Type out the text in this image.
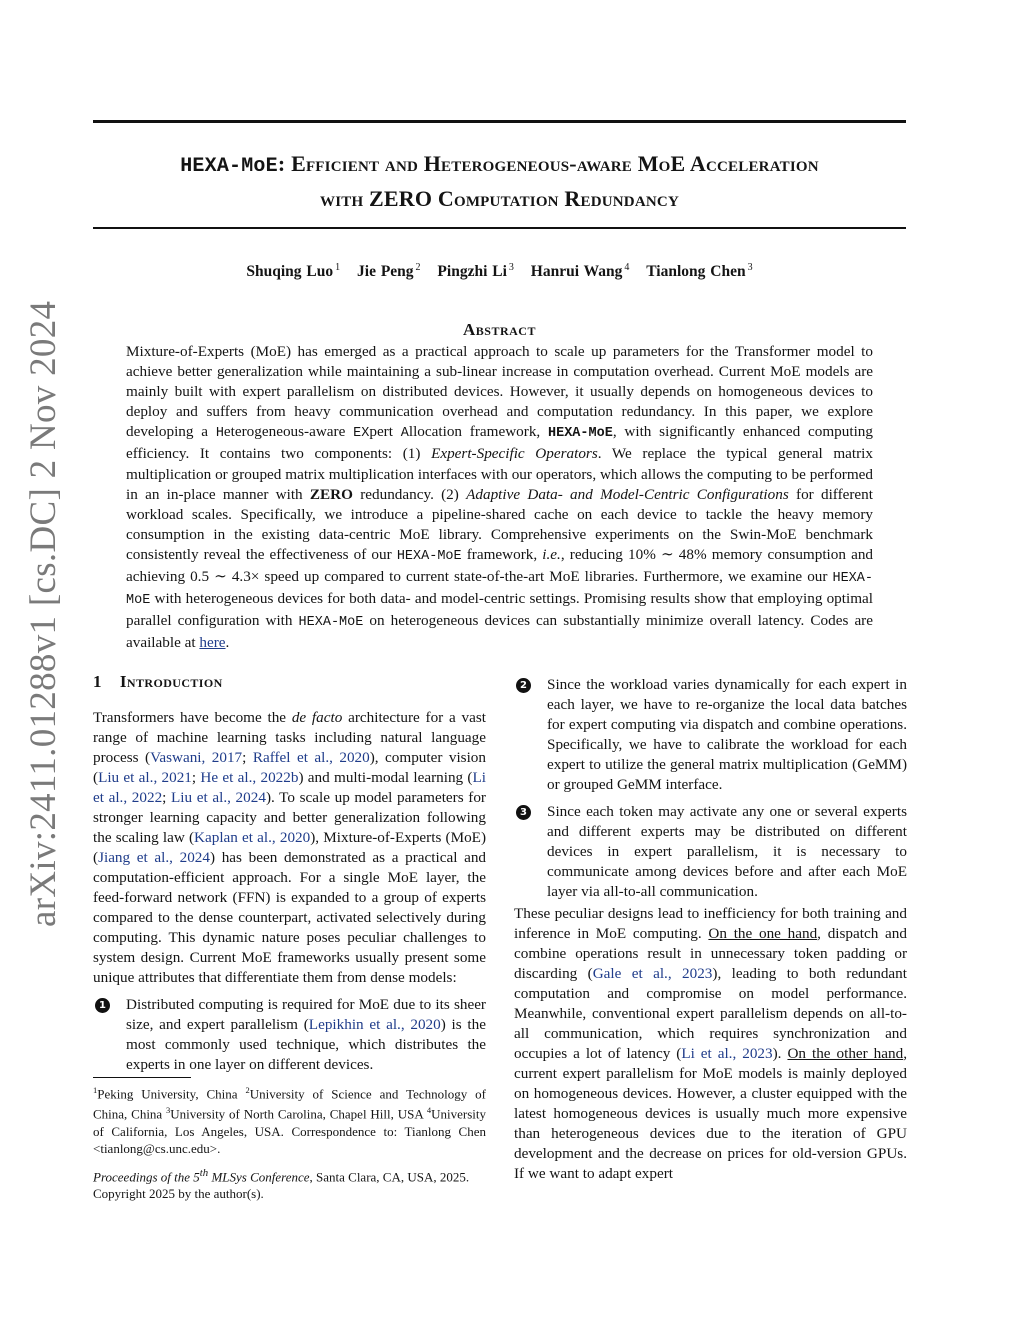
arXiv:2411.01288v1 [cs.DC] 2 Nov 2024
HEXA-MoE: Efficient and Heterogeneous-aware MoE Acceleration
with ZERO Computation Redundancy
Shuqing Luo $^1$ Jie Peng $^2$ Pingzhi Li $^3$ Hanrui Wang $^4$ Tianlong Chen $^3$
Abstract
Mixture-of-Experts (MoE) has emerged as a practical approach to scale up parameters for the Transformer model to achieve better generalization while maintaining a sub-linear increase in computation overhead. Current MoE models are mainly built with expert parallelism on distributed devices. However, it usually depends on homogeneous devices to deploy and suffers from heavy communication overhead and computation redundancy. In this paper, we explore developing a Heterogeneous-aware EXpert Allocation framework, HEXA-MoE, with significantly enhanced computing efficiency. It contains two components: (1) Expert-Specific Operators. We replace the typical general matrix multiplication or grouped matrix multiplication interfaces with our operators, which allows the computing to be performed in an in-place manner with ZERO redundancy. (2) Adaptive Data- and Model-Centric Configurations for different workload scales. Specifically, we introduce a pipeline-shared cache on each device to tackle the heavy memory consumption in the existing data-centric MoE library. Comprehensive experiments on the Swin-MoE benchmark consistently reveal the effectiveness of our HEXA-MoE framework, i.e., reducing 10% ∼ 48% memory consumption and achieving 0.5 ∼ 4.3× speed up compared to current state-of-the-art MoE libraries. Furthermore, we examine our HEXA-MoE with heterogeneous devices for both data- and model-centric settings. Promising results show that employing optimal parallel configuration with HEXA-MoE on heterogeneous devices can substantially minimize overall latency. Codes are available at here.
1 Introduction

Transformers have become the de facto architecture for a vast range of machine learning tasks including natural language process (Vaswani, 2017; Raffel et al., 2020), computer vision (Liu et al., 2021; He et al., 2022b) and multi-modal learning (Li et al., 2022; Liu et al., 2024). To scale up model parameters for stronger learning capacity and better generalization following the scaling law (Kaplan et al., 2020), Mixture-of-Experts (MoE) (Jiang et al., 2024) has been demonstrated as a practical and computation-efficient approach. For a single MoE layer, the feed-forward network (FFN) is expanded to a group of experts compared to the dense counterpart, activated selectively during computing. This dynamic nature poses peculiar challenges to system design. Current MoE frameworks usually present some unique attributes that differentiate them from dense models:

1 Distributed computing is required for MoE due to its sheer size, and expert parallelism (Lepikhin et al., 2020) is the most commonly used technique, which distributes the experts in one layer on different devices.
$^1$Peking University, China $^2$University of Science and Technology of China, China $^3$University of North Carolina, Chapel Hill, USA $^4$University of California, Los Angeles, USA. Correspondence to: Tianlong Chen <tianlong@cs.unc.edu>.
Proceedings of the 5th MLSys Conference, Santa Clara, CA, USA, 2025. Copyright 2025 by the author(s).
2 Since the workload varies dynamically for each expert in each layer, we have to re-organize the local data batches for expert computing via dispatch and combine operations. Specifically, we have to calibrate the workload for each expert to utilize the general matrix multiplication (GeMM) or grouped GeMM interface.
3 Since each token may activate any one or several experts and different experts may be distributed on different devices in expert parallelism, it is necessary to communicate among devices before and after each MoE layer via all-to-all communication.

These peculiar designs lead to inefficiency for both training and inference in MoE computing. On the one hand, dispatch and combine operations result in unnecessary token padding or discarding (Gale et al., 2023), leading to both redundant computation and compromise on model performance. Meanwhile, conventional expert parallelism depends on all-to-all communication, which requires synchronization and occupies a lot of latency (Li et al., 2023). On the other hand, current expert parallelism for MoE models is mainly deployed on homogeneous devices. However, a cluster equipped with the latest homogeneous devices is usually much more expensive than heterogeneous devices due to the iteration of GPU development and the decrease on prices for old-version GPUs. If we want to adapt expert
